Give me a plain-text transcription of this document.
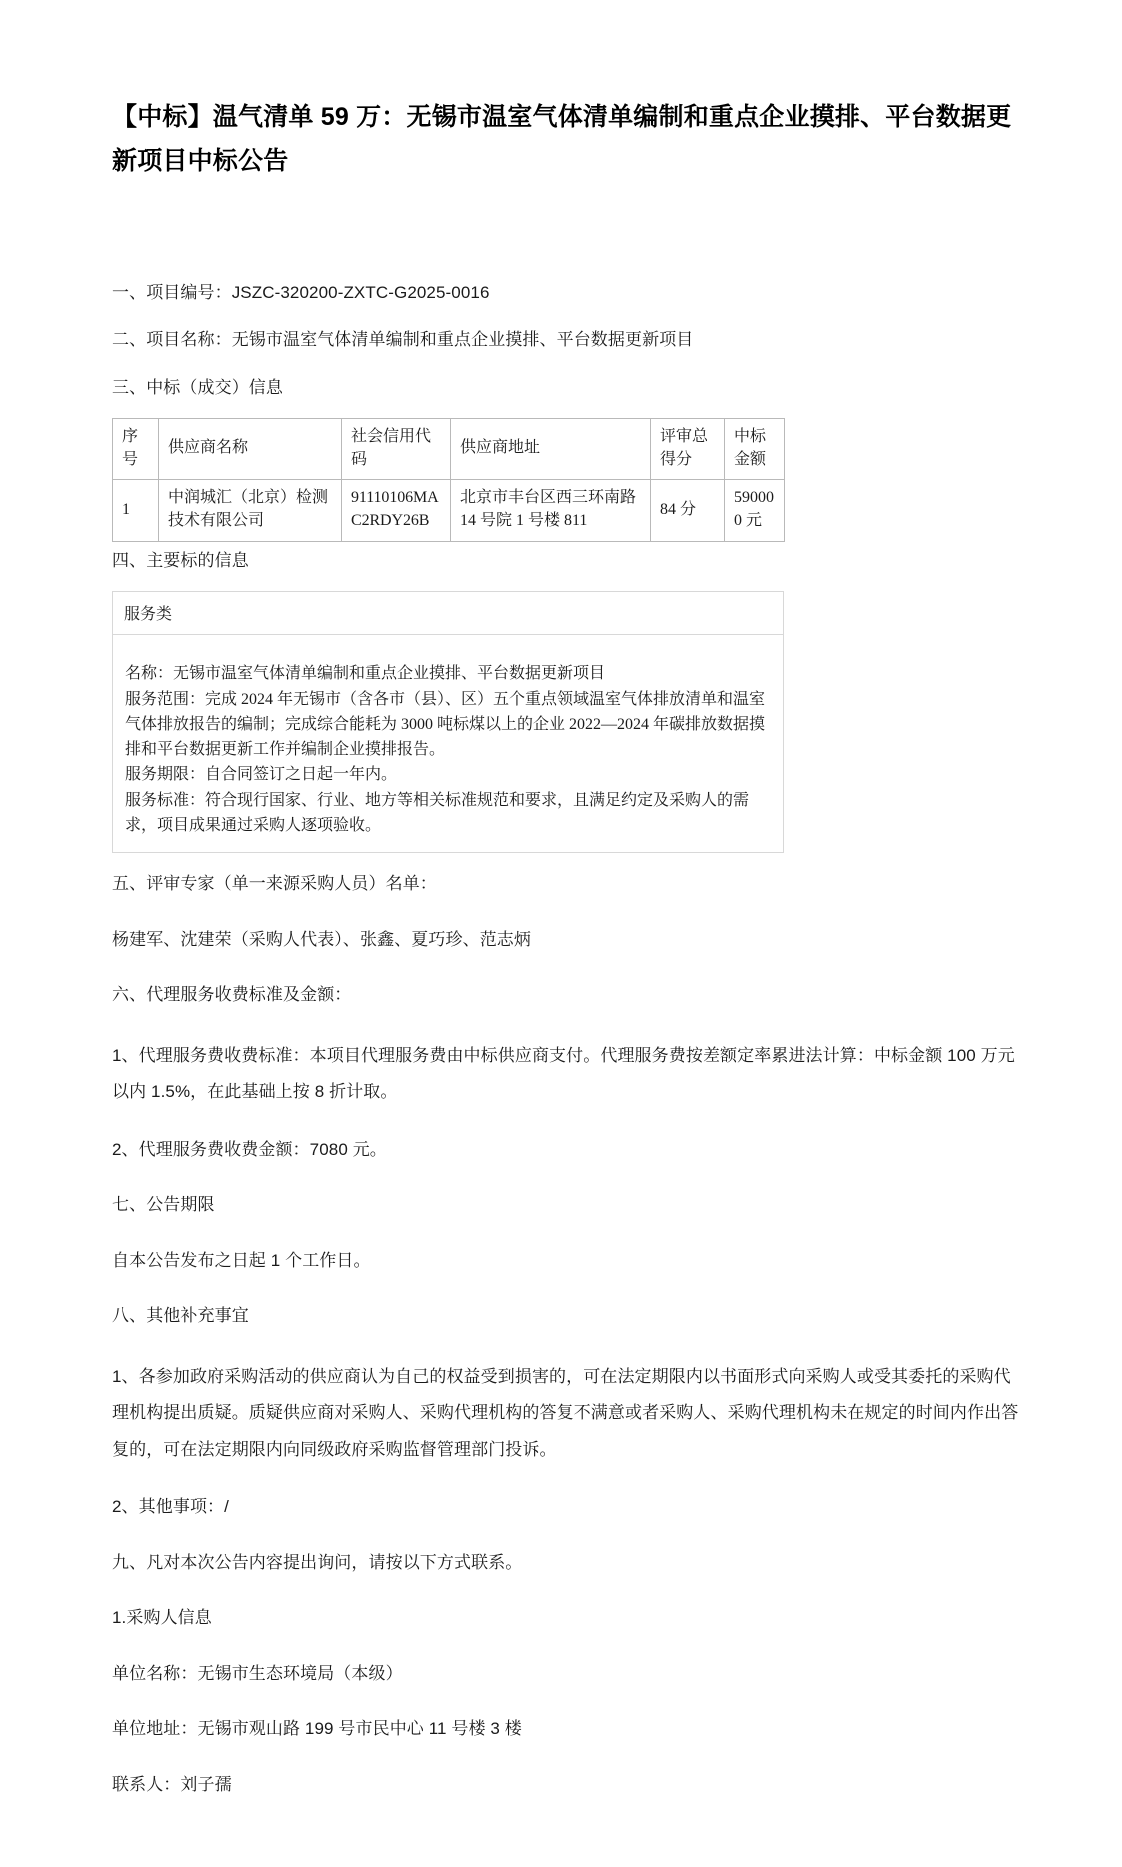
【中标】温气清单 59 万：无锡市温室气体清单编制和重点企业摸排、平台数据更新项目中标公告

一、项目编号：JSZC-320200-ZXTC-G2025-0016

二、项目名称：无锡市温室气体清单编制和重点企业摸排、平台数据更新项目

三、中标（成交）信息

序号	供应商名称	社会信用代码	供应商地址	评审总得分	中标金额
1	中润城汇（北京）检测技术有限公司	91110106MAC2RDY26B	北京市丰台区西三环南路 14 号院 1 号楼 811	84 分	590000 元

四、主要标的信息

服务类

名称：无锡市温室气体清单编制和重点企业摸排、平台数据更新项目

服务范围：完成 2024 年无锡市（含各市（县）、区）五个重点领域温室气体排放清单和温室气体排放报告的编制；完成综合能耗为 3000 吨标煤以上的企业 2022—2024 年碳排放数据摸排和平台数据更新工作并编制企业摸排报告。

服务期限：自合同签订之日起一年内。

服务标准：符合现行国家、行业、地方等相关标准规范和要求，且满足约定及采购人的需求，项目成果通过采购人逐项验收。

五、评审专家（单一来源采购人员）名单：

杨建军、沈建荣（采购人代表）、张鑫、夏巧珍、范志炳

六、代理服务收费标准及金额：

1、代理服务费收费标准：本项目代理服务费由中标供应商支付。代理服务费按差额定率累进法计算：中标金额 100 万元以内 1.5%，在此基础上按 8 折计取。

2、代理服务费收费金额：7080 元。

七、公告期限

自本公告发布之日起 1 个工作日。

八、其他补充事宜

1、各参加政府采购活动的供应商认为自己的权益受到损害的，可在法定期限内以书面形式向采购人或受其委托的采购代理机构提出质疑。质疑供应商对采购人、采购代理机构的答复不满意或者采购人、采购代理机构未在规定的时间内作出答复的，可在法定期限内向同级政府采购监督管理部门投诉。

2、其他事项：/

九、凡对本次公告内容提出询问，请按以下方式联系。

1.采购人信息

单位名称：无锡市生态环境局（本级）

单位地址：无锡市观山路 199 号市民中心 11 号楼 3 楼

联系人：刘子孺
